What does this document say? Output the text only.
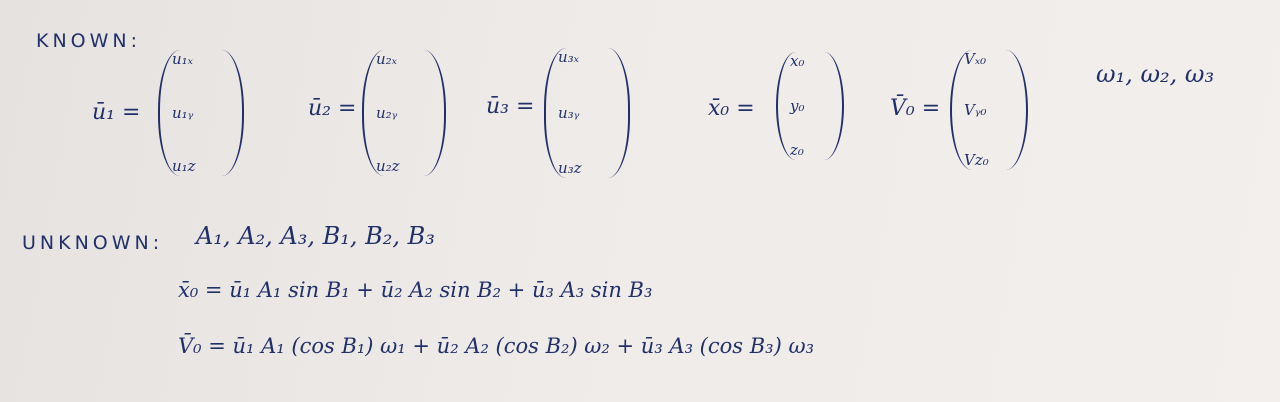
KNOWN:
ū₁ =
u₁ₓ
u₁ᵧ
u₁z
ū₂ =
u₂ₓ
u₂ᵧ
u₂z
ū₃ =
u₃ₓ
u₃ᵧ
u₃z
x̄₀ =
x₀
y₀
z₀
V̄₀ =
Vₓ₀
Vᵧ₀
Vz₀
ω₁, ω₂, ω₃
UNKNOWN: A₁, A₂, A₃, B₁, B₂, B₃
x̄₀ = ū₁ A₁ sin B₁ + ū₂ A₂ sin B₂ + ū₃ A₃ sin B₃
V̄₀ = ū₁ A₁ (cos B₁) ω₁ + ū₂ A₂ (cos B₂) ω₂ + ū₃ A₃ (cos B₃) ω₃
